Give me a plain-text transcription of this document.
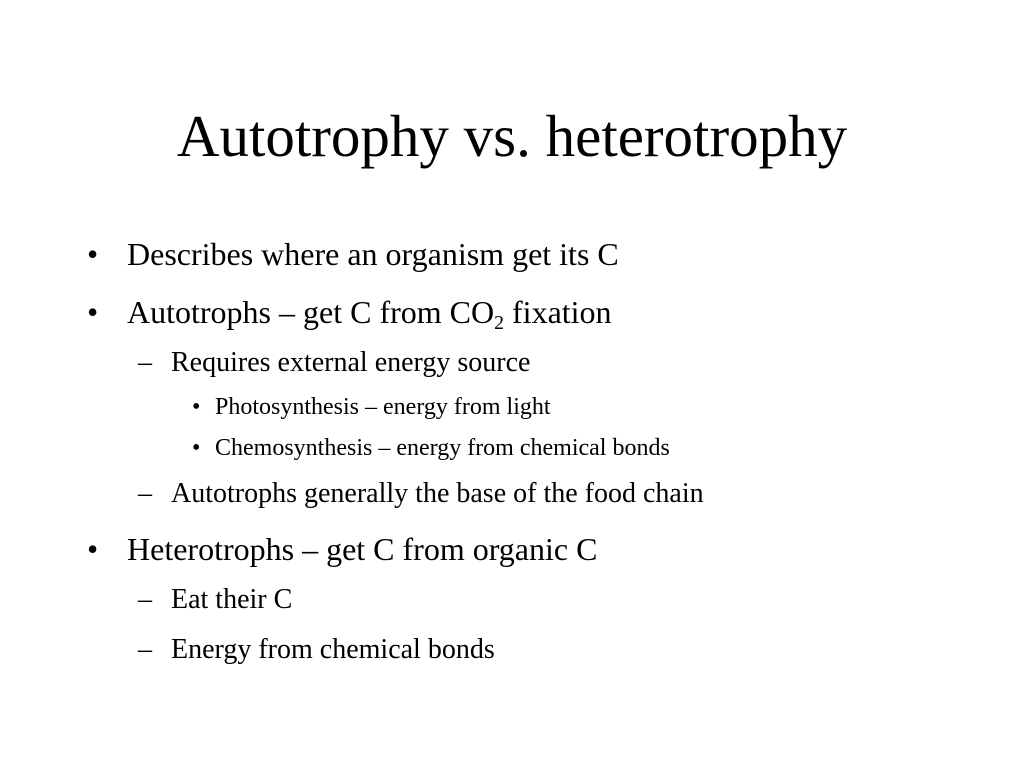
Autotrophy vs. heterotrophy
• Describes where an organism get its C
• Autotrophs – get C from $CO_2$ fixation
– Requires external energy source
• Photosynthesis – energy from light
• Chemosynthesis – energy from chemical bonds
– Autotrophs generally the base of the food chain
• Heterotrophs – get C from organic C
– Eat their C
– Energy from chemical bonds
